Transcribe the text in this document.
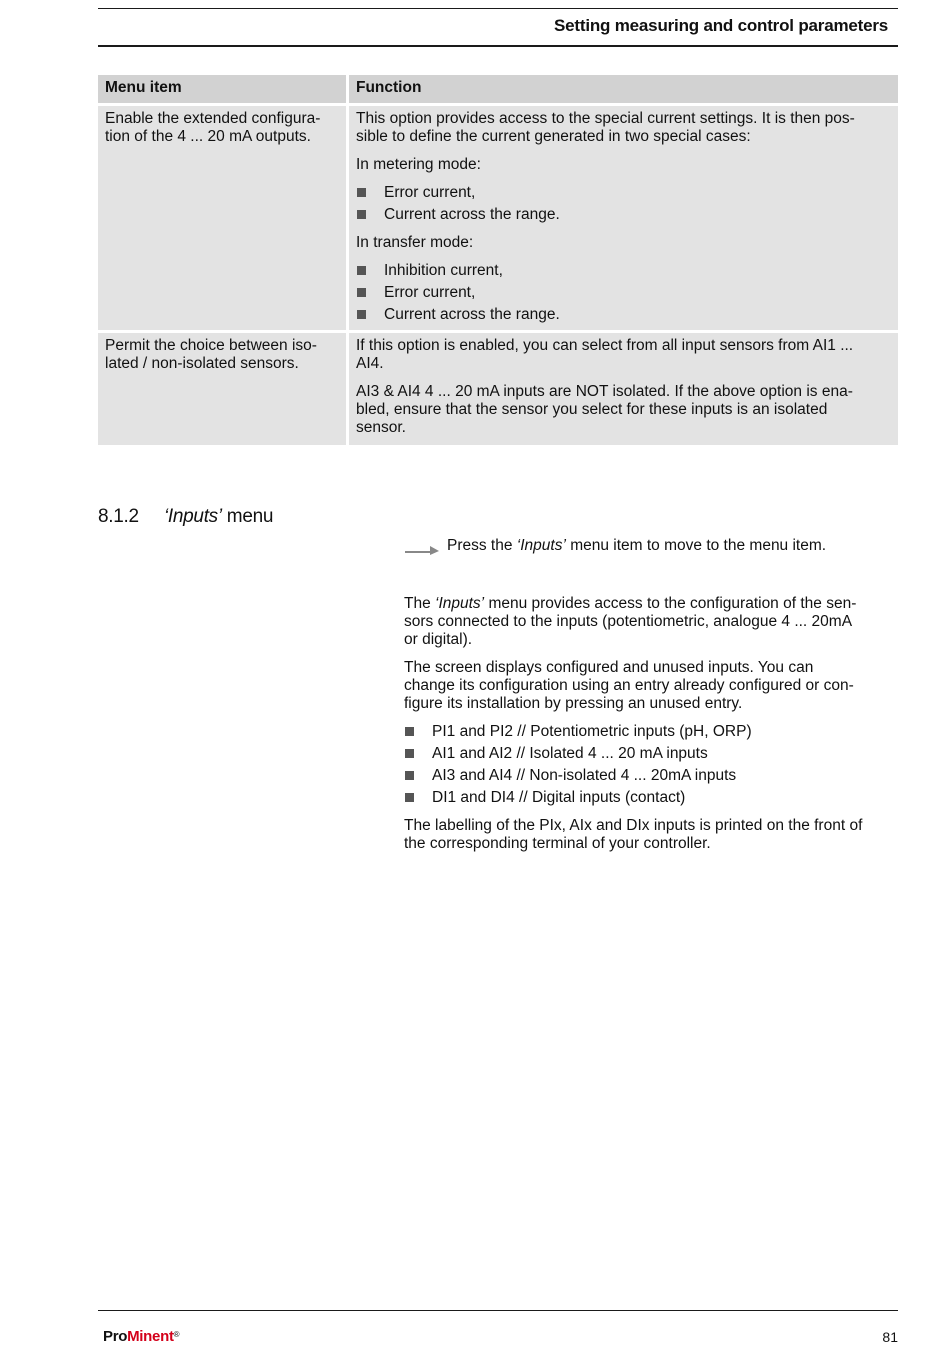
Setting measuring and control parameters
Menu item	Function
Enable the extended configura-
tion of the 4 ... 20 mA outputs.

This option provides access to the special current settings. It is then pos-
sible to define the current generated in two special cases:

In metering mode:

Error current,
Current across the range.

In transfer mode:

Inhibition current,
Error current,
Current across the range.
Permit the choice between iso-
lated / non-isolated sensors.

If this option is enabled, you can select from all input sensors from AI1 ...
AI4.

AI3 & AI4 4 ... 20 mA inputs are NOT isolated. If the above option is ena-
bled, ensure that the sensor you select for these inputs is an isolated
sensor.

8.1.2 ‘Inputs’ menu
Press the ‘Inputs’ menu item to move to the menu item.

The ‘Inputs’ menu provides access to the configuration of the sen-
sors connected to the inputs (potentiometric, analogue 4 ... 20mA
or digital).

The screen displays configured and unused inputs. You can
change its configuration using an entry already configured or con-
figure its installation by pressing an unused entry.

PI1 and PI2 // Potentiometric inputs (pH, ORP)
AI1 and AI2 // Isolated 4 ... 20 mA inputs
AI3 and AI4 // Non-isolated 4 ... 20mA inputs
DI1 and DI4 // Digital inputs (contact)

The labelling of the PIx, AIx and DIx inputs is printed on the front of
the corresponding terminal of your controller.

ProMinent®	81
